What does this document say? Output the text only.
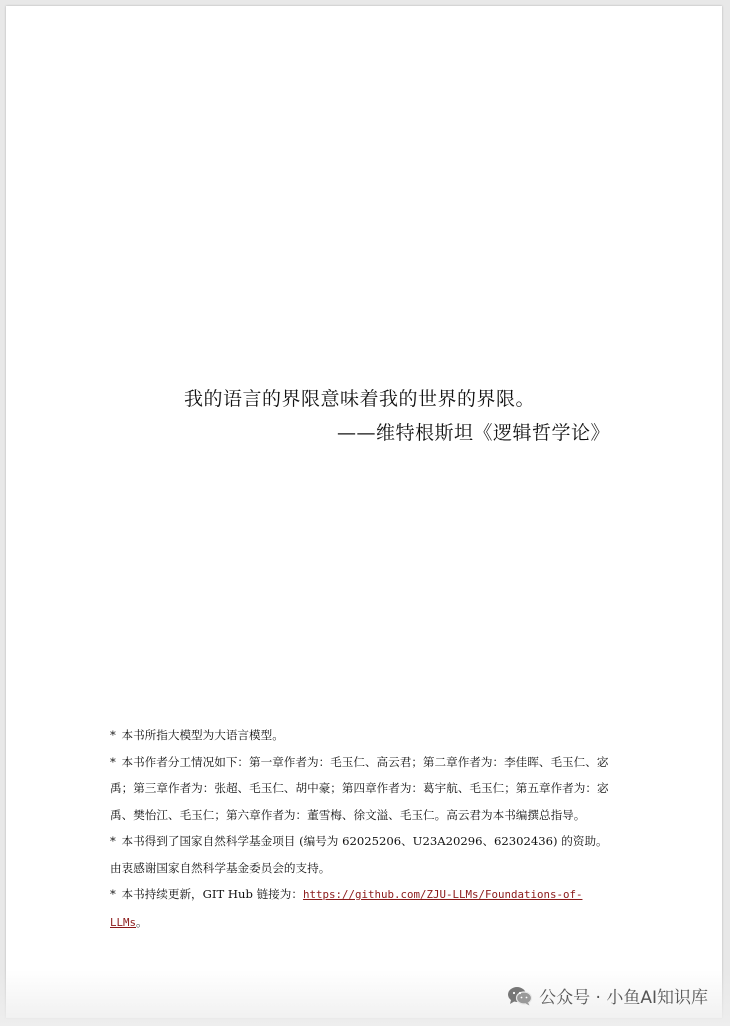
我的语言的界限意味着我的世界的界限。
——维特根斯坦《逻辑哲学论》

* 本书所指大模型为大语言模型。

* 本书作者分工情况如下：第一章作者为：毛玉仁、高云君；第二章作者为：李佳晖、毛玉仁、宓禹；第三章作者为：张超、毛玉仁、胡中豪；第四章作者为：葛宇航、毛玉仁；第五章作者为：宓禹、樊怡江、毛玉仁；第六章作者为：董雪梅、徐文溢、毛玉仁。高云君为本书编撰总指导。

* 本书得到了国家自然科学基金项目 (编号为 62025206、U23A20296、62302436) 的资助。由衷感谢国家自然科学基金委员会的支持。

* 本书持续更新，GIT Hub 链接为：https://github.com/ZJU-LLMs/Foundations-of-LLMs。

公众号 · 小鱼AI知识库
